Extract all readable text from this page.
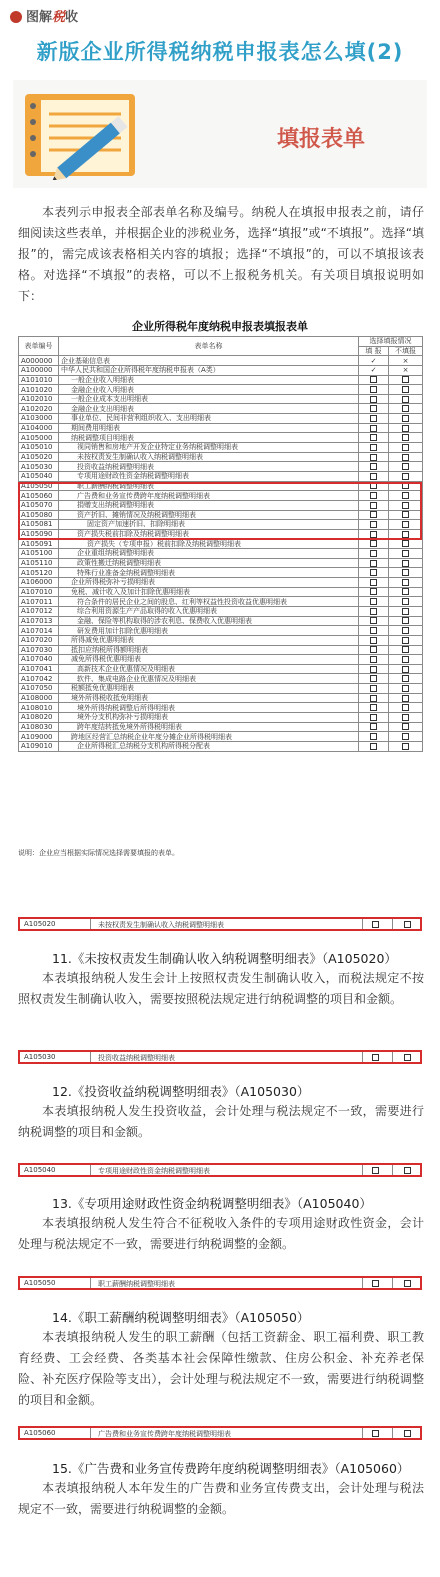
图解税收
新版企业所得税纳税申报表怎么填(2)
填报表单
本表列示申报表全部表单名称及编号。纳税人在填报申报表之前，请仔细阅读这些表单，并根据企业的涉税业务，选择“填报”或“不填报”。选择“填报”的，需完成该表格相关内容的填报；选择“不填报”的，可以不填报该表格。对选择“不填报”的表格，可以不上报税务机关。有关项目填报说明如下：
企业所得税年度纳税申报表填报表单
表单编号	表单名称	选择填报情况	
		填 报	不填报
A000000	企业基础信息表	✓	×
A100000	中华人民共和国企业所得税年度纳税申报表（A类）	✓	×
A101010	一般企业收入明细表		
A101020	金融企业收入明细表		
A102010	一般企业成本支出明细表		
A102020	金融企业支出明细表		
A103000	事业单位、民间非营利组织收入、支出明细表		
A104000	期间费用明细表		
A105000	纳税调整项目明细表		
A105010	视同销售和房地产开发企业特定业务纳税调整明细表		
A105020	未按权责发生制确认收入纳税调整明细表		
A105030	投资收益纳税调整明细表		
A105040	专项用途财政性资金纳税调整明细表		
A105050	职工薪酬纳税调整明细表		
A105060	广告费和业务宣传费跨年度纳税调整明细表		
A105070	捐赠支出纳税调整明细表		
A105080	资产折旧、摊销情况及纳税调整明细表		
A105081	固定资产加速折旧、扣除明细表		
A105090	资产损失税前扣除及纳税调整明细表		
A105091	资产损失（专项申报）税前扣除及纳税调整明细表		
A105100	企业重组纳税调整明细表		
A105110	政策性搬迁纳税调整明细表		
A105120	特殊行业准备金纳税调整明细表		
A106000	企业所得税弥补亏损明细表		
A107010	免税、减计收入及加计扣除优惠明细表		
A107011	符合条件的居民企业之间的股息、红利等权益性投资收益优惠明细表		
A107012	综合利用资源生产产品取得的收入优惠明细表		
A107013	金融、保险等机构取得的涉农利息、保费收入优惠明细表		
A107014	研发费用加计扣除优惠明细表		
A107020	所得减免优惠明细表		
A107030	抵扣应纳税所得额明细表		
A107040	减免所得税优惠明细表		
A107041	高新技术企业优惠情况及明细表		
A107042	软件、集成电路企业优惠情况及明细表		
A107050	税额抵免优惠明细表		
A108000	境外所得税收抵免明细表		
A108010	境外所得纳税调整后所得明细表		
A108020	境外分支机构弥补亏损明细表		
A108030	跨年度结转抵免境外所得税明细表		
A109000	跨地区经营汇总纳税企业年度分摊企业所得税明细表		
A109010	企业所得税汇总纳税分支机构所得税分配表		
说明：企业应当根据实际情况选择需要填报的表单。
A105020	未按权责发生制确认收入纳税调整明细表
11.《未按权责发生制确认收入纳税调整明细表》（A105020）
本表填报纳税人发生会计上按照权责发生制确认收入，而税法规定不按照权责发生制确认收入，需要按照税法规定进行纳税调整的项目和金额。
A105030	投资收益纳税调整明细表
12.《投资收益纳税调整明细表》（A105030）
本表填报纳税人发生投资收益，会计处理与税法规定不一致，需要进行纳税调整的项目和金额。
A105040	专项用途财政性资金纳税调整明细表
13.《专项用途财政性资金纳税调整明细表》（A105040）
本表填报纳税人发生符合不征税收入条件的专项用途财政性资金，会计处理与税法规定不一致，需要进行纳税调整的金额。
A105050	职工薪酬纳税调整明细表
14.《职工薪酬纳税调整明细表》（A105050）
本表填报纳税人发生的职工薪酬（包括工资薪金、职工福利费、职工教育经费、工会经费、各类基本社会保障性缴款、住房公积金、补充养老保险、补充医疗保险等支出），会计处理与税法规定不一致，需要进行纳税调整的项目和金额。
A105060	广告费和业务宣传费跨年度纳税调整明细表
15.《广告费和业务宣传费跨年度纳税调整明细表》（A105060）
本表填报纳税人本年发生的广告费和业务宣传费支出，会计处理与税法规定不一致，需要进行纳税调整的金额。
